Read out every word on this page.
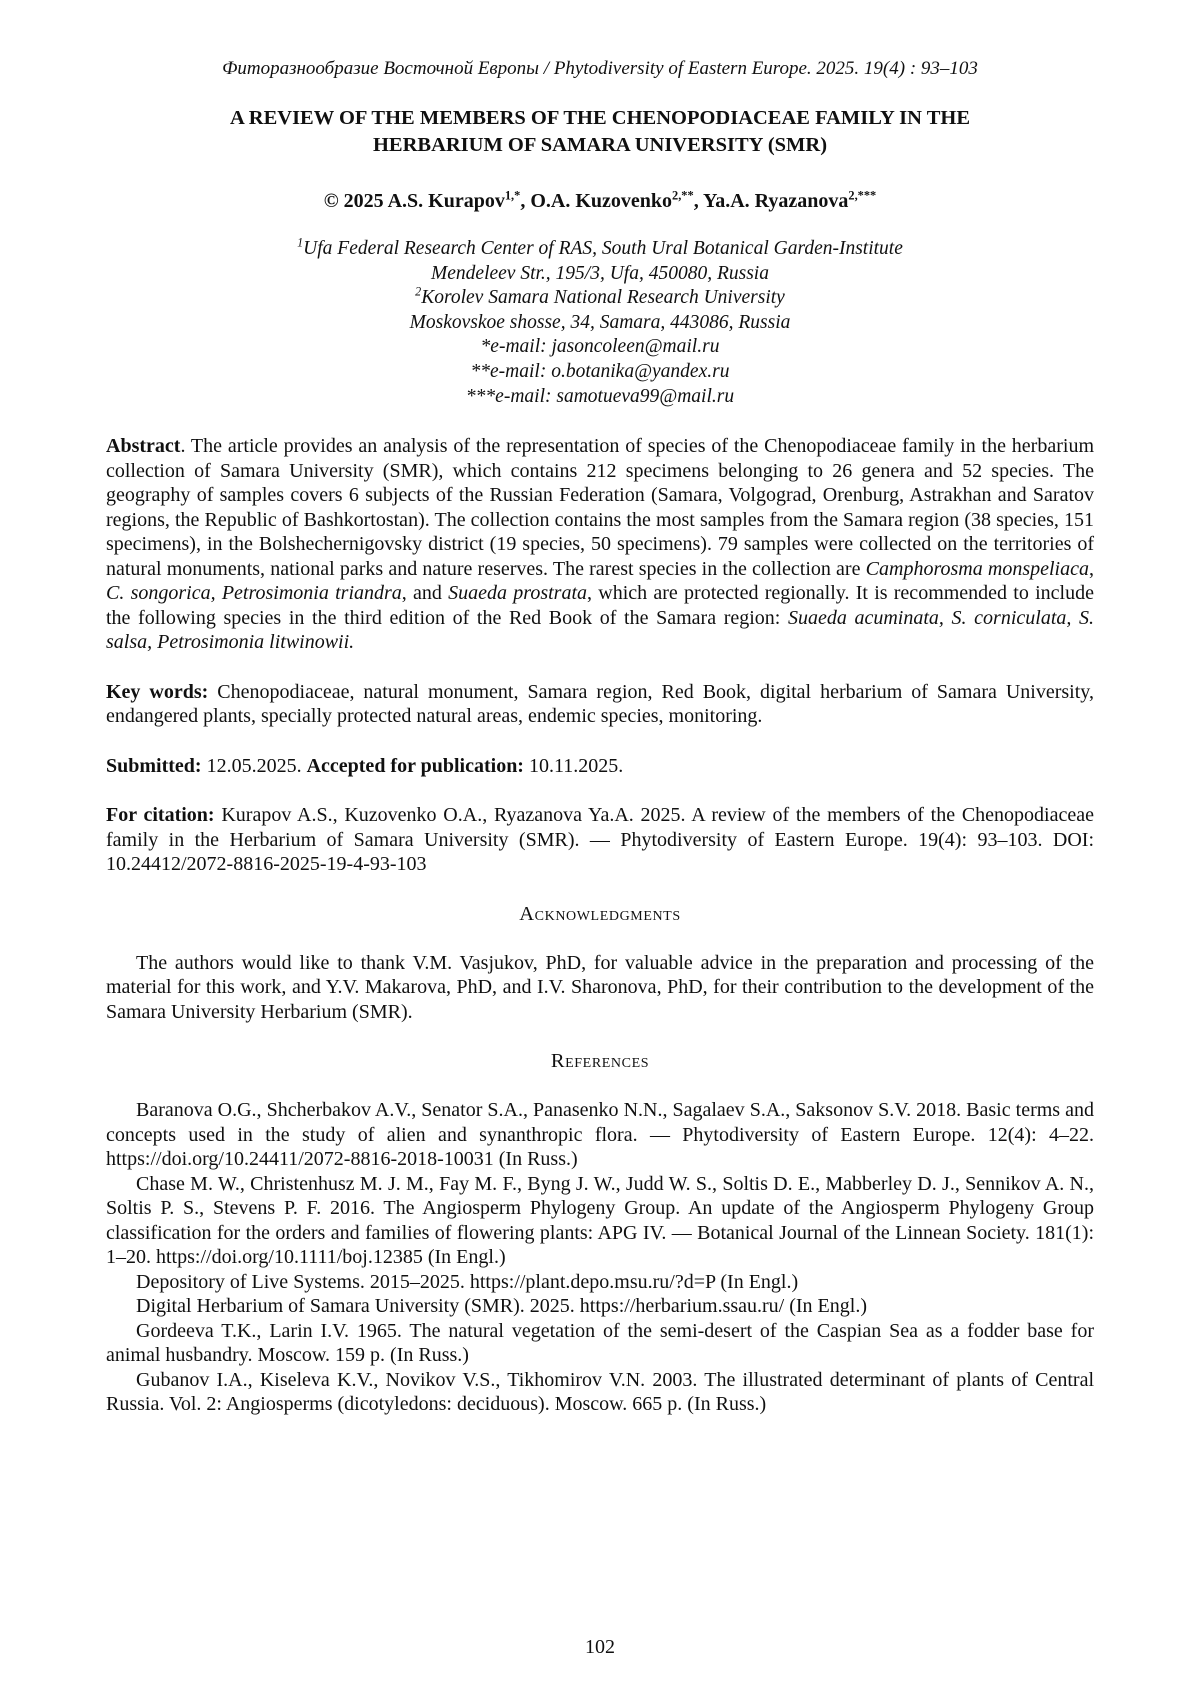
Фиторазнообразие Восточной Европы / Phytodiversity of Eastern Europe. 2025. 19(4) : 93–103
A REVIEW OF THE MEMBERS OF THE CHENOPODIACEAE FAMILY IN THE
HERBARIUM OF SAMARA UNIVERSITY (SMR)
© 2025 A.S. Kurapov$^{1,*}$, O.A. Kuzovenko$^{2,**}$, Ya.A. Ryazanova$^{2,***}$
$^1$Ufa Federal Research Center of RAS, South Ural Botanical Garden-Institute
Mendeleev Str., 195/3, Ufa, 450080, Russia
$^2$Korolev Samara National Research University
Moskovskoe shosse, 34, Samara, 443086, Russia
*e-mail: jasoncoleen@mail.ru
**e-mail: o.botanika@yandex.ru
***e-mail: samotueva99@mail.ru

Abstract. The article provides an analysis of the representation of species of the Chenopodiaceae family in the herbarium collection of Samara University (SMR), which contains 212 specimens belonging to 26 genera and 52 species. The geography of samples covers 6 subjects of the Russian Federation (Samara, Volgograd, Orenburg, Astrakhan and Saratov regions, the Republic of Bashkortostan). The collection contains the most samples from the Samara region (38 species, 151 specimens), in the Bolshechernigovsky district (19 species, 50 specimens). 79 samples were collected on the territories of natural monuments, national parks and nature reserves. The rarest species in the collection are Camphorosma monspeliaca, C. songorica, Petrosimonia triandra, and Suaeda prostrata, which are protected regionally. It is recommended to include the following species in the third edition of the Red Book of the Samara region: Suaeda acuminata, S. corniculata, S. salsa, Petrosimonia litwinowii.

Key words: Chenopodiaceae, natural monument, Samara region, Red Book, digital herbarium of Samara University, endangered plants, specially protected natural areas, endemic species, monitoring.

Submitted: 12.05.2025. Accepted for publication: 10.11.2025.

For citation: Kurapov A.S., Kuzovenko O.A., Ryazanova Ya.A. 2025. A review of the members of the Chenopodiaceae family in the Herbarium of Samara University (SMR). — Phytodiversity of Eastern Europe. 19(4): 93–103. DOI: 10.24412/2072-8816-2025-19-4-93-103

Acknowledgments

The authors would like to thank V.M. Vasjukov, PhD, for valuable advice in the preparation and processing of the material for this work, and Y.V. Makarova, PhD, and I.V. Sharonova, PhD, for their contribution to the development of the Samara University Herbarium (SMR).

References

Baranova O.G., Shcherbakov A.V., Senator S.A., Panasenko N.N., Sagalaev S.A., Saksonov S.V. 2018. Basic terms and concepts used in the study of alien and synanthropic flora. — Phytodiversity of Eastern Europe. 12(4): 4–22. https://doi.org/10.24411/2072-8816-2018-10031 (In Russ.)

Chase M. W., Christenhusz M. J. M., Fay M. F., Byng J. W., Judd W. S., Soltis D. E., Mabberley D. J., Sennikov A. N., Soltis P. S., Stevens P. F. 2016. The Angiosperm Phylogeny Group. An update of the Angiosperm Phylogeny Group classification for the orders and families of flowering plants: APG IV. — Botanical Journal of the Linnean Society. 181(1): 1–20. https://doi.org/10.1111/boj.12385 (In Engl.)

Depository of Live Systems. 2015–2025. https://plant.depo.msu.ru/?d=P (In Engl.)

Digital Herbarium of Samara University (SMR). 2025. https://herbarium.ssau.ru/ (In Engl.)

Gordeeva T.K., Larin I.V. 1965. The natural vegetation of the semi-desert of the Caspian Sea as a fodder base for animal husbandry. Moscow. 159 p. (In Russ.)

Gubanov I.A., Kiseleva K.V., Novikov V.S., Tikhomirov V.N. 2003. The illustrated determinant of plants of Central Russia. Vol. 2: Angiosperms (dicotyledons: deciduous). Moscow. 665 p. (In Russ.)

102
